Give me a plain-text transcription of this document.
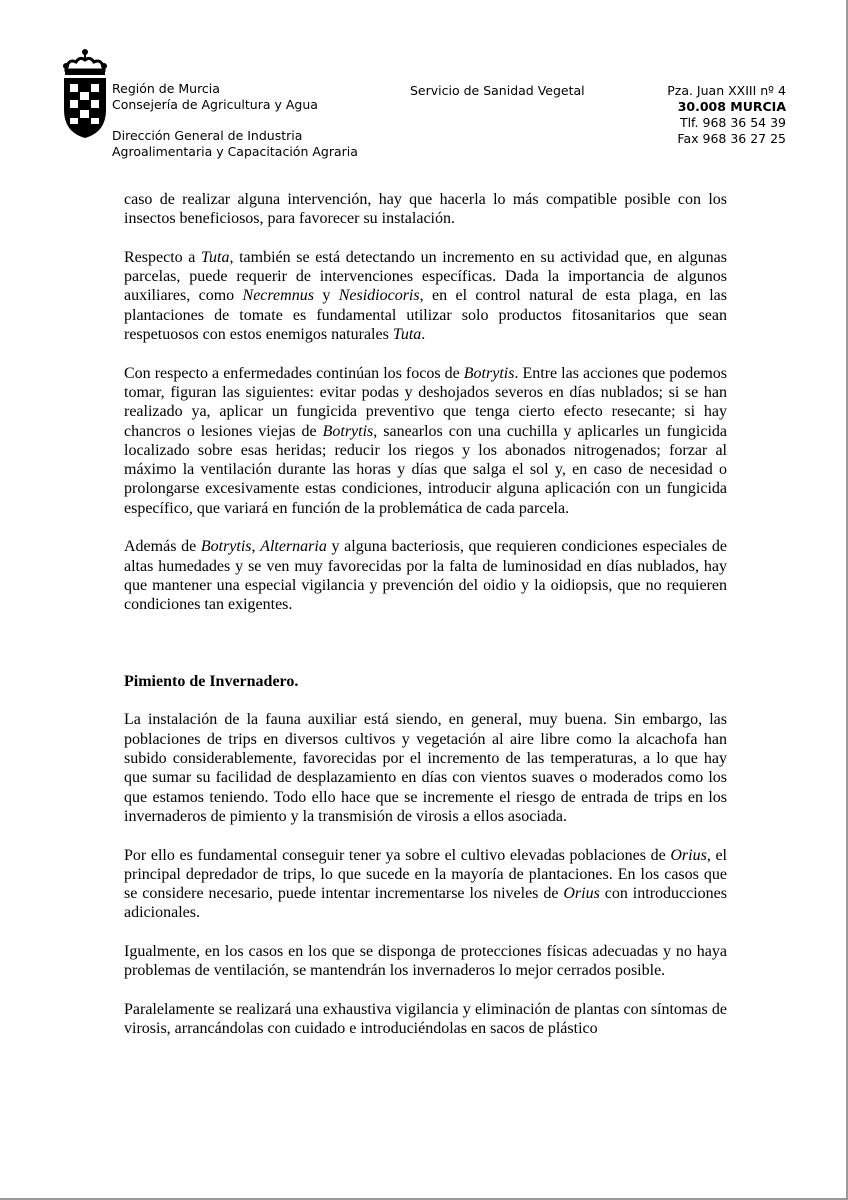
Región de Murcia
Consejería de Agricultura y Agua
Dirección General de Industria
Agroalimentaria y Capacitación Agraria
Servicio de Sanidad Vegetal	Pza. Juan XXIII nº 4
30.008 MURCIA
Tlf. 968 36 54 39
Fax 968 36 27 25

caso de realizar alguna intervención, hay que hacerla lo más compatible posible con los insectos beneficiosos, para favorecer su instalación.

Respecto a Tuta, también se está detectando un incremento en su actividad que, en algunas parcelas, puede requerir de intervenciones específicas. Dada la importancia de algunos auxiliares, como Necremnus y Nesidiocoris, en el control natural de esta plaga, en las plantaciones de tomate es fundamental utilizar solo productos fitosanitarios que sean respetuosos con estos enemigos naturales Tuta.

Con respecto a enfermedades continúan los focos de Botrytis. Entre las acciones que podemos tomar, figuran las siguientes: evitar podas y deshojados severos en días nublados; si se han realizado ya, aplicar un fungicida preventivo que tenga cierto efecto resecante; si hay chancros o lesiones viejas de Botrytis, sanearlos con una cuchilla y aplicarles un fungicida localizado sobre esas heridas; reducir los riegos y los abonados nitrogenados; forzar al máximo la ventilación durante las horas y días que salga el sol y, en caso de necesidad o prolongarse excesivamente estas condiciones, introducir alguna aplicación con un fungicida específico, que variará en función de la problemática de cada parcela.

Además de Botrytis, Alternaria y alguna bacteriosis, que requieren condiciones especiales de altas humedades y se ven muy favorecidas por la falta de luminosidad en días nublados, hay que mantener una especial vigilancia y prevención del oidio y la oidiopsis, que no requieren condiciones tan exigentes.

Pimiento de Invernadero.

La instalación de la fauna auxiliar está siendo, en general, muy buena. Sin embargo, las poblaciones de trips en diversos cultivos y vegetación al aire libre como la alcachofa han subido considerablemente, favorecidas por el incremento de las temperaturas, a lo que hay que sumar su facilidad de desplazamiento en días con vientos suaves o moderados como los que estamos teniendo. Todo ello hace que se incremente el riesgo de entrada de trips en los invernaderos de pimiento y la transmisión de virosis a ellos asociada.

Por ello es fundamental conseguir tener ya sobre el cultivo elevadas poblaciones de Orius, el principal depredador de trips, lo que sucede en la mayoría de plantaciones. En los casos que se considere necesario, puede intentar incrementarse los niveles de Orius con introducciones adicionales.

Igualmente, en los casos en los que se disponga de protecciones físicas adecuadas y no haya problemas de ventilación, se mantendrán los invernaderos lo mejor cerrados posible.

Paralelamente se realizará una exhaustiva vigilancia y eliminación de plantas con síntomas de virosis, arrancándolas con cuidado e introduciéndolas en sacos de plástico
